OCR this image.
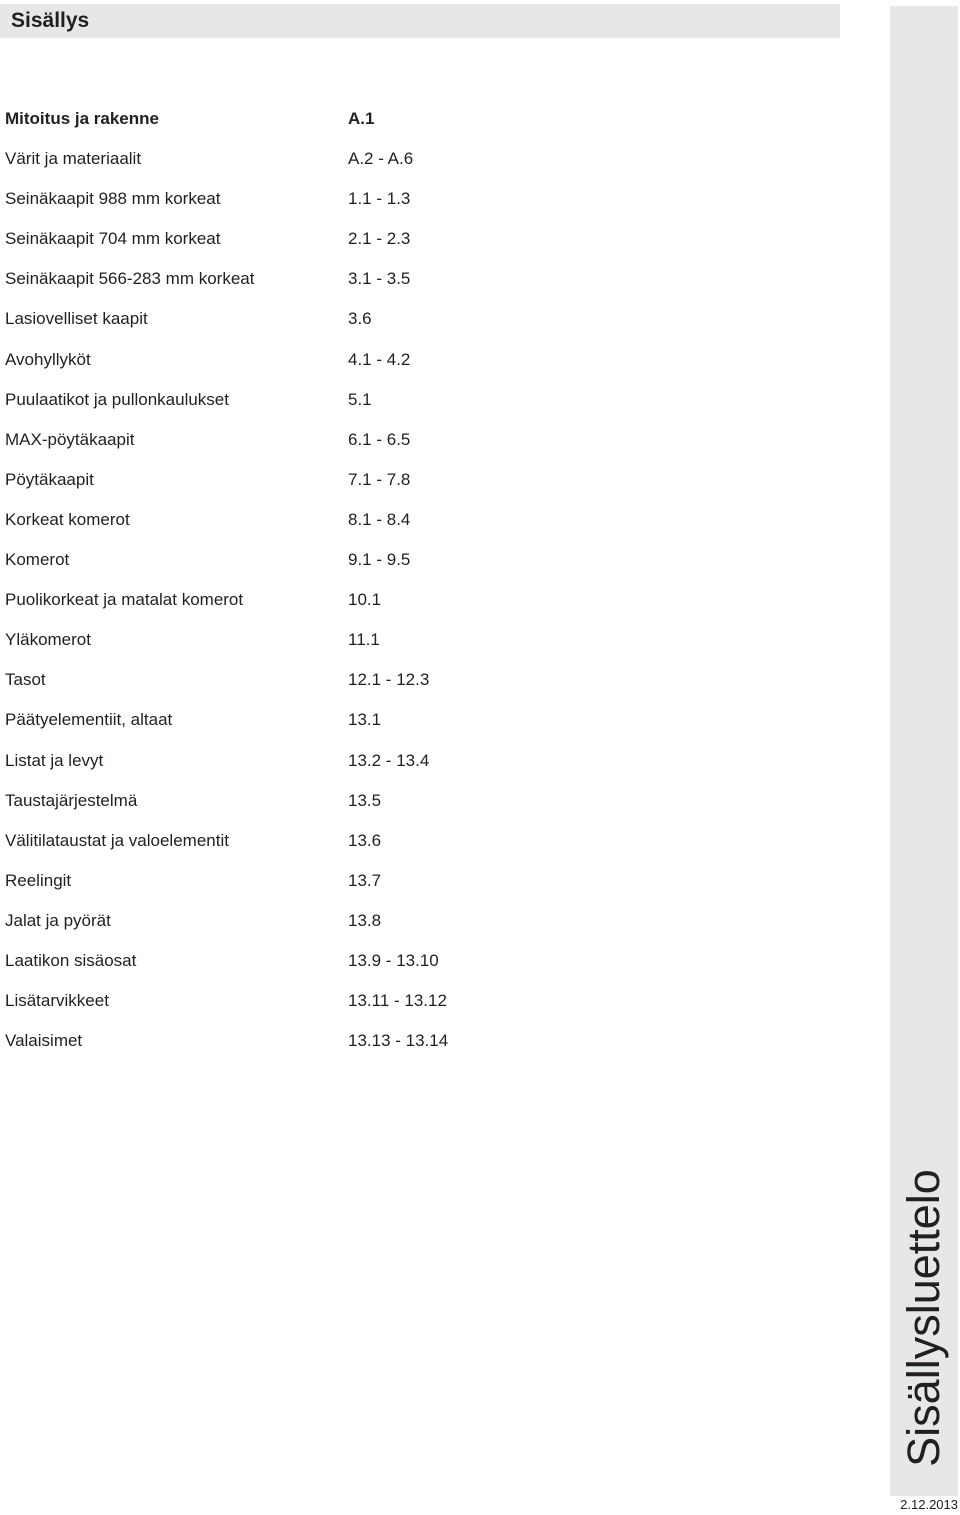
Sisällys
Mitoitus ja rakenne	A.1
Värit ja materiaalit	A.2 - A.6
Seinäkaapit 988 mm korkeat	1.1 - 1.3
Seinäkaapit 704 mm korkeat	2.1 - 2.3
Seinäkaapit 566-283 mm korkeat	3.1 - 3.5
Lasiovelliset kaapit	3.6
Avohyllyköt	4.1 - 4.2
Puulaatikot ja pullonkaulukset	5.1
MAX-pöytäkaapit	6.1 - 6.5
Pöytäkaapit	7.1 - 7.8
Korkeat komerot	8.1 - 8.4
Komerot	9.1 - 9.5
Puolikorkeat ja matalat komerot	10.1
Yläkomerot	11.1
Tasot	12.1 - 12.3
Päätyelementiit, altaat	13.1
Listat ja levyt	13.2 - 13.4
Taustajärjestelmä	13.5
Välitilataustat ja valoelementit	13.6
Reelingit	13.7
Jalat ja pyörät	13.8
Laatikon sisäosat	13.9 - 13.10
Lisätarvikkeet	13.11 - 13.12
Valaisimet	13.13 - 13.14
Sisällysluettelo
2.12.2013
